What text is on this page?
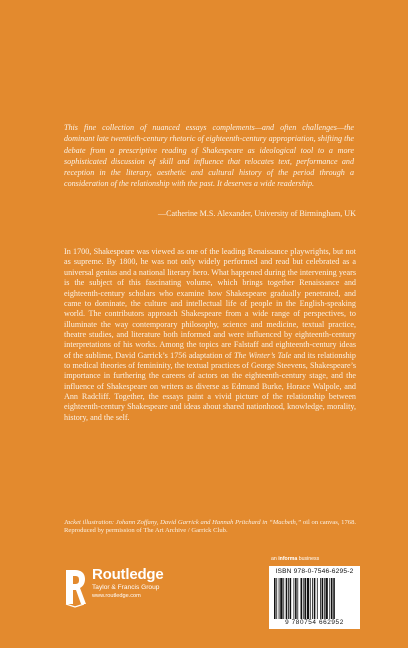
This fine collection of nuanced essays complements—and often challenges—the dominant late twentieth-century rhetoric of eighteenth-century appropriation, shifting the debate from a prescriptive reading of Shakespeare as ideological tool to a more sophisticated discussion of skill and influence that relocates text, performance and reception in the literary, aesthetic and cultural history of the period through a consideration of the relationship with the past. It deserves a wide readership.

—Catherine M.S. Alexander, University of Birmingham, UK

In 1700, Shakespeare was viewed as one of the leading Renaissance playwrights, but not as supreme. By 1800, he was not only widely performed and read but celebrated as a universal genius and a national literary hero. What happened during the intervening years is the subject of this fascinating volume, which brings together Renaissance and eighteenth-century scholars who examine how Shakespeare gradually penetrated, and came to dominate, the culture and intellectual life of people in the English-speaking world. The contributors approach Shakespeare from a wide range of perspectives, to illuminate the way contemporary philosophy, science and medicine, textual practice, theatre studies, and literature both informed and were influenced by eighteenth-century interpretations of his works. Among the topics are Falstaff and eighteenth-century ideas of the sublime, David Garrick’s 1756 adaptation of The Winter’s Tale and its relationship to medical theories of femininity, the textual practices of George Steevens, Shakespeare’s importance in furthering the careers of actors on the eighteenth-century stage, and the influence of Shakespeare on writers as diverse as Edmund Burke, Horace Walpole, and Ann Radcliff. Together, the essays paint a vivid picture of the relationship between eighteenth-century Shakespeare and ideas about shared nationhood, knowledge, morality, history, and the self.

Jacket illustration: Johann Zoffany, David Garrick and Hannah Pritchard in “Macbeth,” oil on canvas, 1768. Reproduced by permission of The Art Archive / Garrick Club.

an informa business
ISBN 978-0-7546-6295-2
9 780754 662952
Routledge
Taylor & Francis Group
www.routledge.com
